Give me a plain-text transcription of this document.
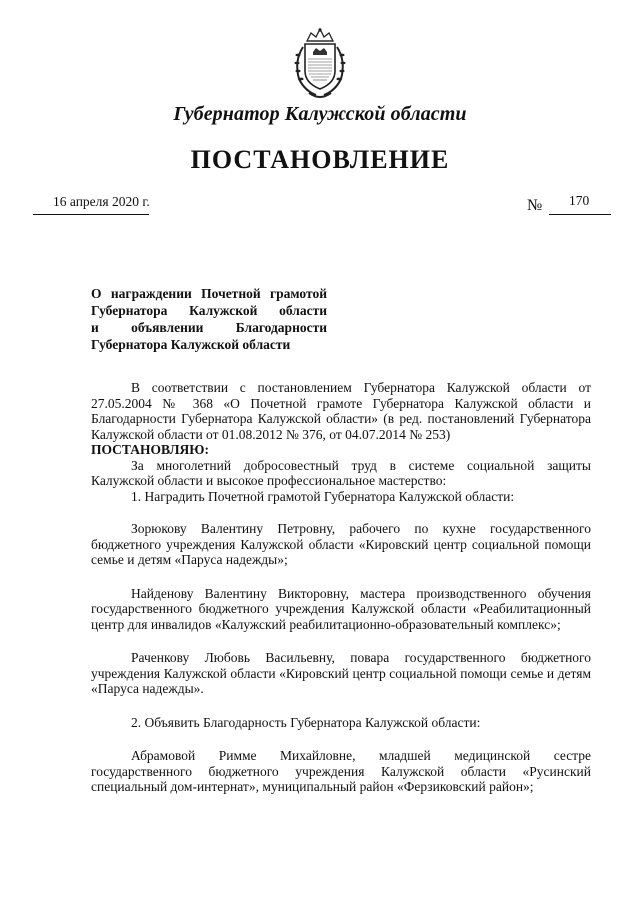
Губернатор Калужской области
ПОСТАНОВЛЕНИЕ
16 апреля 2020 г.	№ 170
О награждении Почетной грамотой
Губернатора Калужской области
и объявлении Благодарности
Губернатора Калужской области

В соответствии с постановлением Губернатора Калужской области от 27.05.2004 № 368 «О Почетной грамоте Губернатора Калужской области и Благодарности Губернатора Калужской области» (в ред. постановлений Губернатора Калужской области от 01.08.2012 № 376, от 04.07.2014 № 253)

ПОСТАНОВЛЯЮ:

За многолетний добросовестный труд в системе социальной защиты Калужской области и высокое профессиональное мастерство:

1. Наградить Почетной грамотой Губернатора Калужской области:

Зорюкову Валентину Петровну, рабочего по кухне государственного бюджетного учреждения Калужской области «Кировский центр социальной помощи семье и детям «Паруса надежды»;

Найденову Валентину Викторовну, мастера производственного обучения государственного бюджетного учреждения Калужской области «Реабилитационный центр для инвалидов «Калужский реабилитационно-образовательный комплекс»;

Раченкову Любовь Васильевну, повара государственного бюджетного учреждения Калужской области «Кировский центр социальной помощи семье и детям «Паруса надежды».

2. Объявить Благодарность Губернатора Калужской области:

Абрамовой Римме Михайловне, младшей медицинской сестре государственного бюджетного учреждения Калужской области «Русинский специальный дом-интернат», муниципальный район «Ферзиковский район»;
